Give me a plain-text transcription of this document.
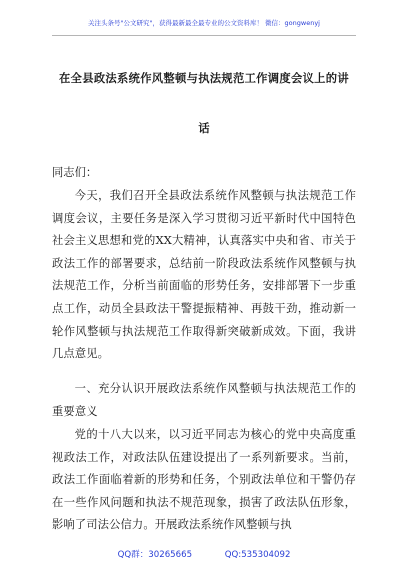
关注头条号"公文研究"，获得最新最全最专业的公文资料库！ 微信：gongwenyj
在全县政法系统作风整顿与执法规范工作调度会议上的讲
话
同志们：
今天，我们召开全县政法系统作风整顿与执法规范工作调度会议，主要任务是深入学习贯彻习近平新时代中国特色社会主义思想和党的XX大精神，认真落实中央和省、市关于政法工作的部署要求，总结前一阶段政法系统作风整顿与执法规范工作，分析当前面临的形势任务，安排部署下一步重点工作，动员全县政法干警提振精神、再鼓干劲，推动新一轮作风整顿与执法规范工作取得新突破新成效。下面，我讲几点意见。
一、充分认识开展政法系统作风整顿与执法规范工作的重要意义
党的十八大以来，以习近平同志为核心的党中央高度重视政法工作，对政法队伍建设提出了一系列新要求。当前，政法工作面临着新的形势和任务，个别政法单位和干警仍存在一些作风问题和执法不规范现象，损害了政法队伍形象，影响了司法公信力。开展政法系统作风整顿与执
QQ群：30265665	QQ:535304092
